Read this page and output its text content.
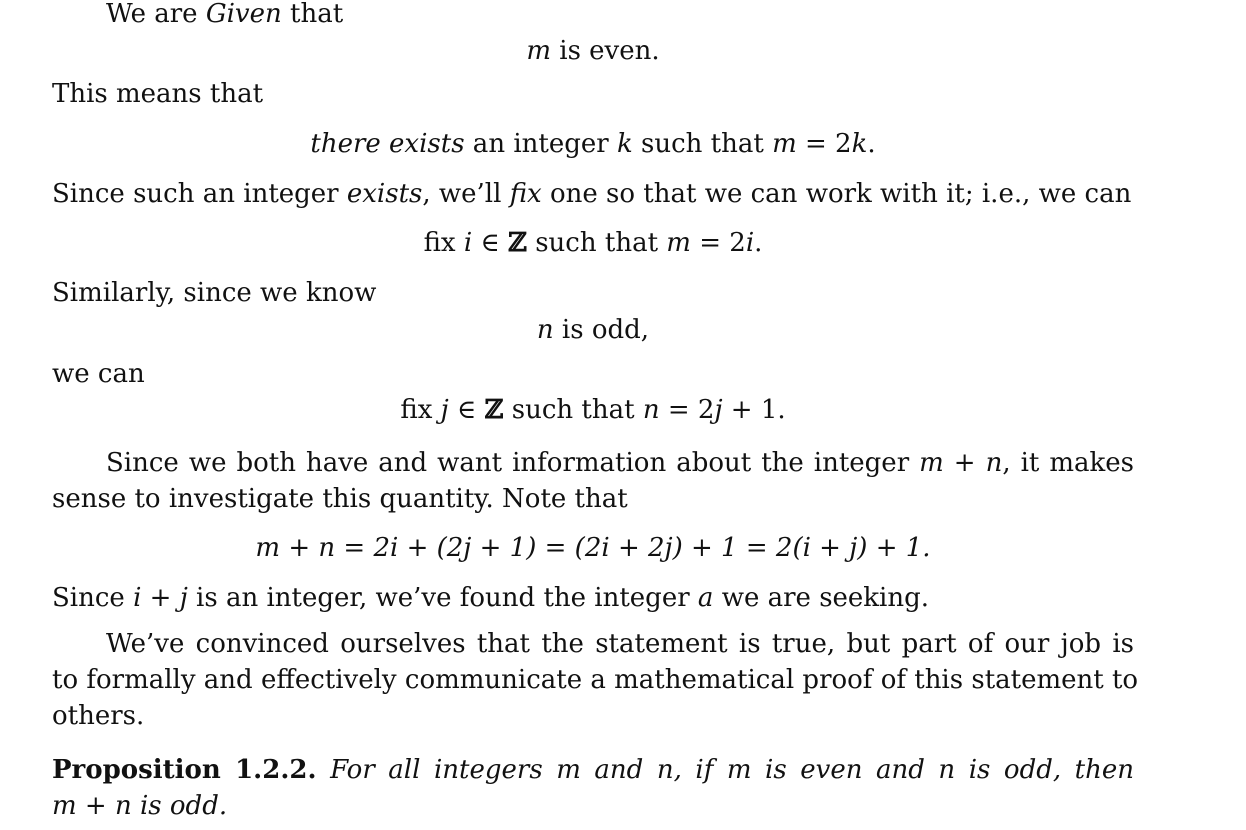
We are Given that
m is even.
This means that
there exists an integer k such that m = 2k.
Since such an integer exists, we’ll fix one so that we can work with it; i.e., we can
fix i ∈ ℤ such that m = 2i.
Similarly, since we know
n is odd,
we can
fix j ∈ ℤ such that n = 2j + 1.
Since we both have and want information about the integer m + n, it makes
sense to investigate this quantity. Note that
m + n = 2i + (2j + 1) = (2i + 2j) + 1 = 2(i + j) + 1.
Since i + j is an integer, we’ve found the integer a we are seeking.
We’ve convinced ourselves that the statement is true, but part of our job is
to formally and effectively communicate a mathematical proof of this statement to
others.
Proposition 1.2.2. For all integers m and n, if m is even and n is odd, then
m + n is odd.
